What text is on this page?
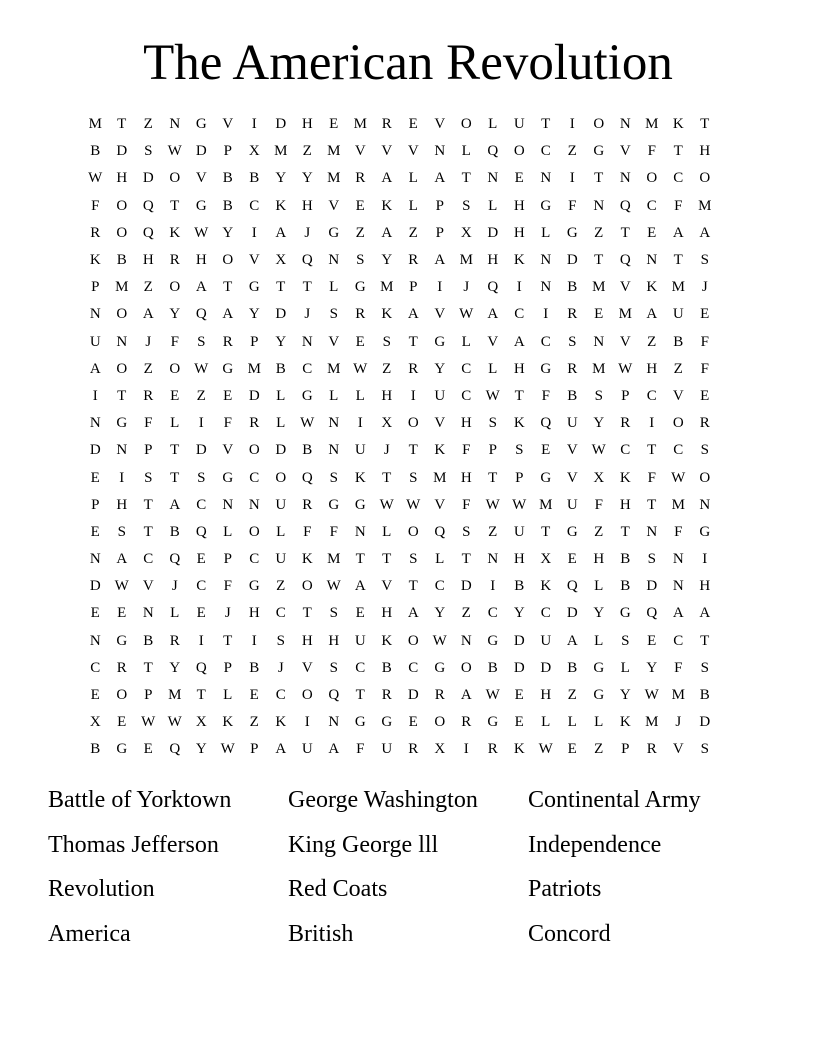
The American Revolution
M	T	Z	N	G	V	I	D	H	E	M R	E	V	O	L	U	T	I	O	N M K	T
B	D	S	W D	P	X M	Z	M V	V	V	N	L	Q	O	C	Z	G	V	F	T	H
W H	D	O	V	B	B	Y	Y M R	A	L	A	T	N	E	N	I	T	N	O	C	O
F	O	Q	T	G	B	C	K	H	V	E	K	L	P	S	L	H	G	F	N	Q	C	F	M
R	O	Q	K W Y	I	A	J	G	Z	A	Z	P	X	D	H	L	G	Z	T	E	A	A
K	B	H	R	H	O	V	X	Q	N	S	Y	R	A M H	K	N	D	T	Q	N	T	S
P	M	Z	O	A	T	G	T	T	L	G M	P	I	J	Q	I	N	B M V	K M	J
N	O	A	Y	Q	A	Y	D	J	S	R	K	A	V W A	C	I	R	E	M A	U	E
U	N	J	F	S	R	P	Y	N	V	E	S	T	G	L	V	A	C	S	N	V	Z	B	F
A	O	Z	O W G M B	C M W Z	R	Y	C	L	H	G	R M W H	Z	F
I	T	R	E	Z	E	D	L	G	L	L	H	I	U	C W T	F	B	S	P	C	V	E
N	G	F	L	I	F	R	L W N	I	X	O	V	H	S	K	Q	U	Y	R	I	O	R
D	N	P	T	D	V	O	D	B	N	U	J	T	K	F	P	S	E	V W C	T	C	S
E	I	S	T	S	G	C	O	Q	S	K	T	S	M H	T	P	G	V	X	K	F	W O
P	H	T	A	C	N	N	U	R	G	G W W V	F	W W M U	F	H	T	M N
E	S	T	B	Q	L	O	L	F	F	N	L	O	Q	S	Z	U	T	G	Z	T	N	F	G
N	A	C	Q	E	P	C	U	K M	T	T	S	L	T	N	H	X	E	H	B	S	N	I
D W V	J	C	F	G	Z	O W A	V	T	C	D	I	B	K	Q	L	B	D	N	H
E	E	N	L	E	J	H	C	T	S	E	H	A	Y	Z	C	Y	C	D	Y	G	Q	A	A
N	G	B	R	I	T	I	S	H	H	U	K	O W N	G	D	U	A	L	S	E	C	T
C	R	T	Y	Q	P	B	J	V	S	C	B	C	G	O	B	D	D	B	G	L	Y	F	S
E	O	P	M	T	L	E	C	O	Q	T	R	D	R	A W E	H	Z	G	Y W M B
X	E W W X	K	Z	K	I	N	G	G	E	O	R	G	E	L	L	L	K M	J	D
B	G	E	Q	Y W	P	A	U	A	F	U	R	X	I	R	K W E	Z	P	R	V	S
Battle of Yorktown	George Washington	Continental Army
Thomas Jefferson	King George lll	Independence
Revolution	Red Coats	Patriots
America	British	Concord
